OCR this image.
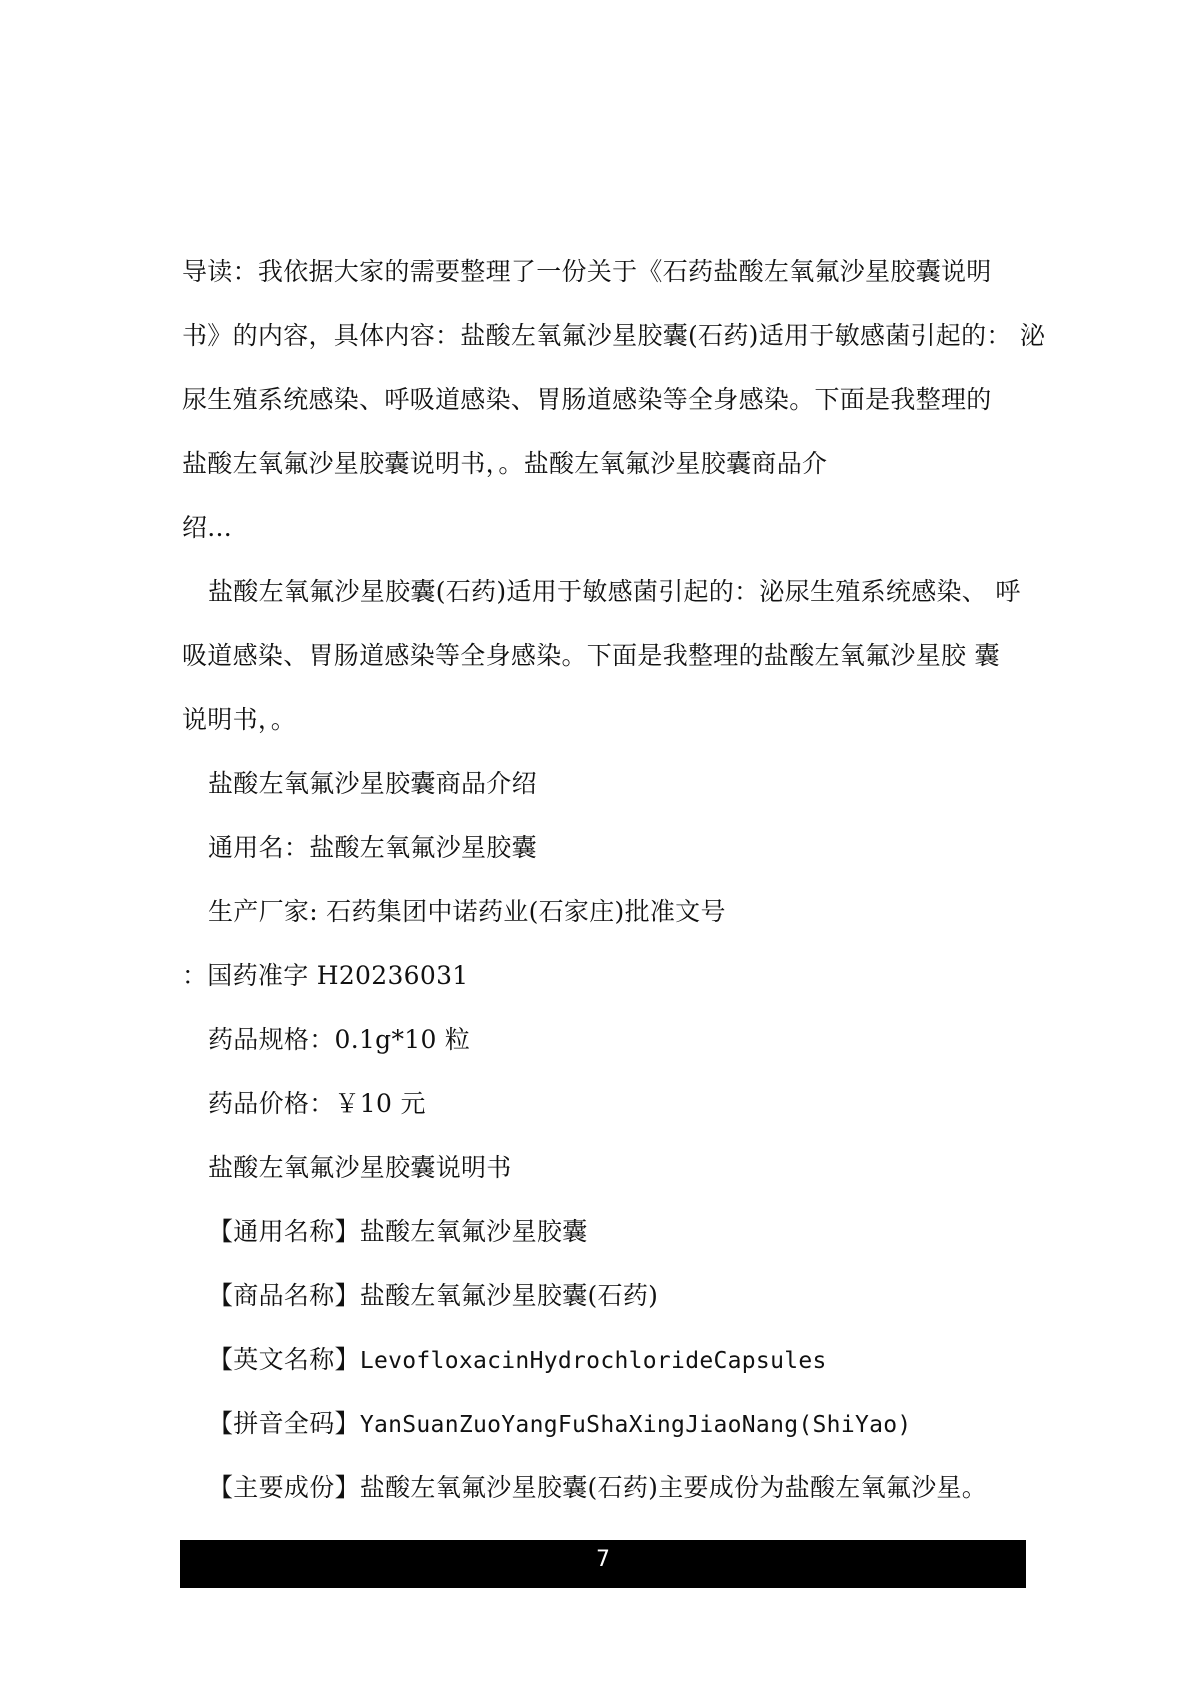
导读：我依据大家的需要整理了一份关于《石药盐酸左氧氟沙星胶囊说明
书》的内容，具体内容：盐酸左氧氟沙星胶囊(石药)适用于敏感菌引起的： 泌
尿生殖系统感染、呼吸道感染、胃肠道感染等全身感染。下面是我整理的
盐酸左氧氟沙星胶囊说明书，。盐酸左氧氟沙星胶囊商品介
绍...
盐酸左氧氟沙星胶囊(石药)适用于敏感菌引起的：泌尿生殖系统感染、 呼
吸道感染、胃肠道感染等全身感染。下面是我整理的盐酸左氧氟沙星胶 囊
说明书，。
盐酸左氧氟沙星胶囊商品介绍
通用名：盐酸左氧氟沙星胶囊
生产厂家: 石药集团中诺药业(石家庄)批准文号
：国药准字 H20236031
药品规格：0.1g*10 粒
药品价格：￥10 元
盐酸左氧氟沙星胶囊说明书
【通用名称】盐酸左氧氟沙星胶囊
【商品名称】盐酸左氧氟沙星胶囊(石药)
【英文名称】LevofloxacinHydrochlorideCapsules
【拼音全码】YanSuanZuoYangFuShaXingJiaoNang(ShiYao)
【主要成份】盐酸左氧氟沙星胶囊(石药)主要成份为盐酸左氧氟沙星。
7
